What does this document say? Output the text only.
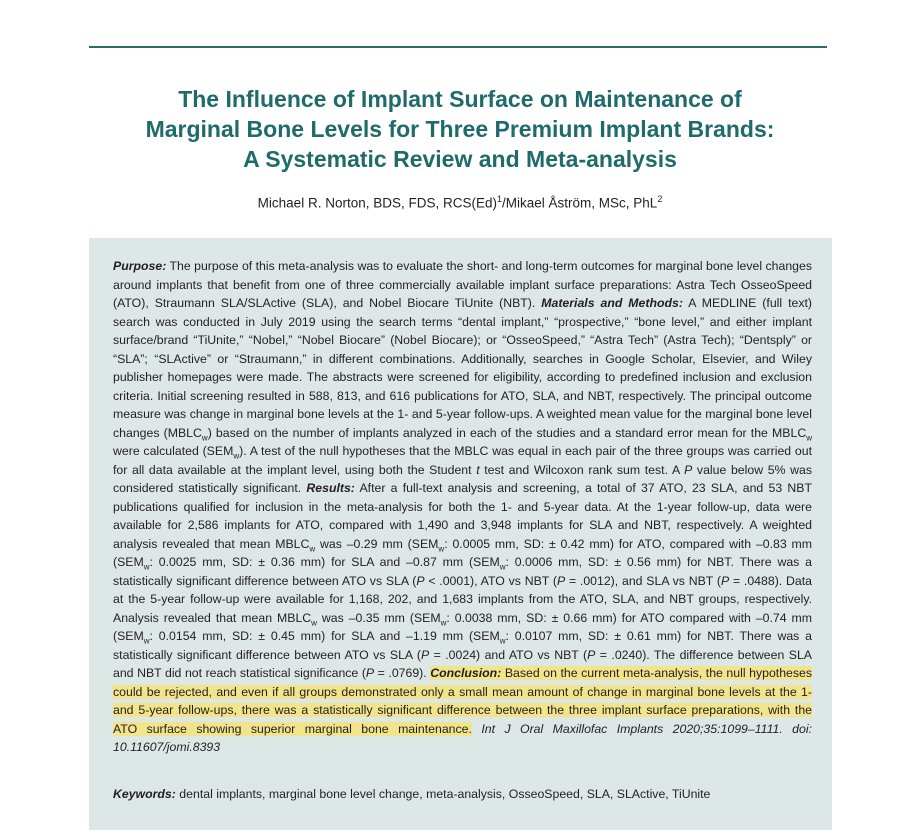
The Influence of Implant Surface on Maintenance of
Marginal Bone Levels for Three Premium Implant Brands:
A Systematic Review and Meta-analysis
Michael R. Norton, BDS, FDS, $RCS(Ed)^1$/Mikael Åström, MSc, PhL$^2$

Purpose: The purpose of this meta-analysis was to evaluate the short- and long-term outcomes for marginal bone level changes around implants that benefit from one of three commercially available implant surface preparations: Astra Tech OsseoSpeed (ATO), Straumann SLA/SLActive (SLA), and Nobel Biocare TiUnite (NBT). Materials and Methods: A MEDLINE (full text) search was conducted in July 2019 using the search terms “dental implant,” “prospective,” “bone level,” and either implant surface/brand “TiUnite,” “Nobel,” “Nobel Biocare” (Nobel Biocare); or “OsseoSpeed,” “Astra Tech” (Astra Tech); “Dentsply” or “SLA”; “SLActive” or “Straumann,” in different combinations. Additionally, searches in Google Scholar, Elsevier, and Wiley publisher homepages were made. The abstracts were screened for eligibility, according to predefined inclusion and exclusion criteria. Initial screening resulted in 588, 813, and 616 publications for ATO, SLA, and NBT, respectively. The principal outcome measure was change in marginal bone levels at the 1- and 5-year follow-ups. A weighted mean value for the marginal bone level changes $(MBLC_w)$ based on the number of implants analyzed in each of the studies and a standard error mean for the $MBLC_w$ were calculated $(SEM_w)$. A test of the null hypotheses that the MBLC was equal in each pair of the three groups was carried out for all data available at the implant level, using both the Student t test and Wilcoxon rank sum test. A P value below 5% was considered statistically significant. Results: After a full-text analysis and screening, a total of 37 ATO, 23 SLA, and 53 NBT publications qualified for inclusion in the meta-analysis for both the 1- and 5-year data. At the 1-year follow-up, data were available for 2,586 implants for ATO, compared with 1,490 and 3,948 implants for SLA and NBT, respectively. A weighted analysis revealed that mean $MBLC_w$ was –0.29 mm ($SEM_w$: 0.0005 mm, SD: ± 0.42 mm) for ATO, compared with –0.83 mm ($SEM_w$: 0.0025 mm, SD: ± 0.36 mm) for SLA and –0.87 mm ($SEM_w$: 0.0006 mm, SD: ± 0.56 mm) for NBT. There was a statistically significant difference between ATO vs SLA (P < .0001), ATO vs NBT (P = .0012), and SLA vs NBT (P = .0488). Data at the 5-year follow-up were available for 1,168, 202, and 1,683 implants from the ATO, SLA, and NBT groups, respectively. Analysis revealed that mean $MBLC_w$ was –0.35 mm ($SEM_w$: 0.0038 mm, SD: ± 0.66 mm) for ATO compared with –0.74 mm ($SEM_w$: 0.0154 mm, SD: ± 0.45 mm) for SLA and –1.19 mm ($SEM_w$: 0.0107 mm, SD: ± 0.61 mm) for NBT. There was a statistically significant difference between ATO vs SLA (P = .0024) and ATO vs NBT (P = .0240). The difference between SLA and NBT did not reach statistical significance (P = .0769). Conclusion: Based on the current meta-analysis, the null hypotheses could be rejected, and even if all groups demonstrated only a small mean amount of change in marginal bone levels at the 1- and 5-year follow-ups, there was a statistically significant difference between the three implant surface preparations, with the ATO surface showing superior marginal bone maintenance. Int J Oral Maxillofac Implants 2020;35:1099–1111. doi: 10.11607/jomi.8393

Keywords: dental implants, marginal bone level change, meta-analysis, OsseoSpeed, SLA, SLActive, TiUnite
